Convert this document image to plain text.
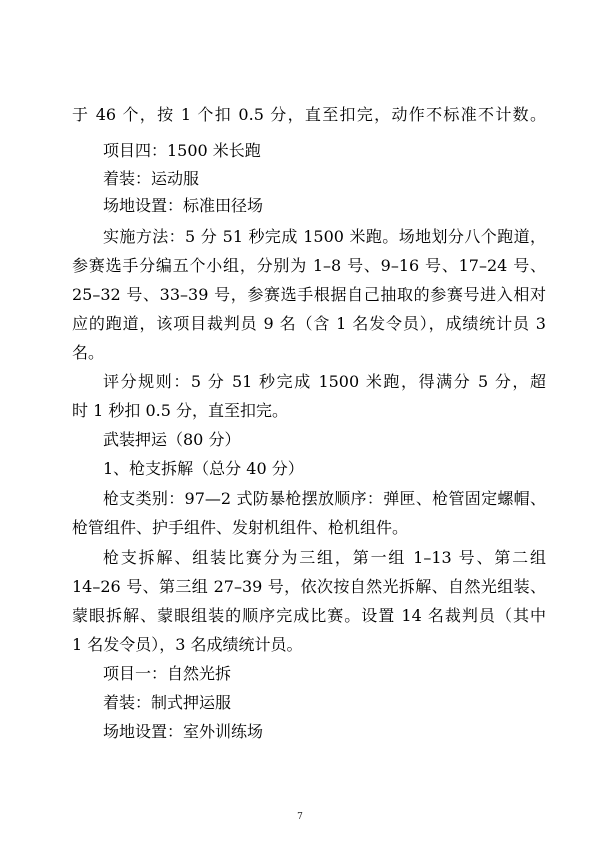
于 46 个，按 1 个扣 0.5 分，直至扣完，动作不标准不计数。
项目四：1500 米长跑
着装：运动服
场地设置：标准田径场
实施方法：5 分 51 秒完成 1500 米跑。场地划分八个跑道，
参赛选手分编五个小组，分别为 1–8 号、9–16 号、17–24 号、
25–32 号、33–39 号，参赛选手根据自己抽取的参赛号进入相对
应的跑道，该项目裁判员 9 名（含 1 名发令员），成绩统计员 3
名。
评分规则：5 分 51 秒完成 1500 米跑，得满分 5 分，超
时 1 秒扣 0.5 分，直至扣完。
武装押运（80 分）
1、枪支拆解（总分 40 分）
枪支类别：97—2 式防暴枪摆放顺序：弹匣、枪管固定螺帽、
枪管组件、护手组件、发射机组件、枪机组件。
枪支拆解、组装比赛分为三组，第一组 1–13 号、第二组
14–26 号、第三组 27–39 号，依次按自然光拆解、自然光组装、
蒙眼拆解、蒙眼组装的顺序完成比赛。设置 14 名裁判员（其中
1 名发令员），3 名成绩统计员。
项目一：自然光拆
着装：制式押运服
场地设置：室外训练场
7
